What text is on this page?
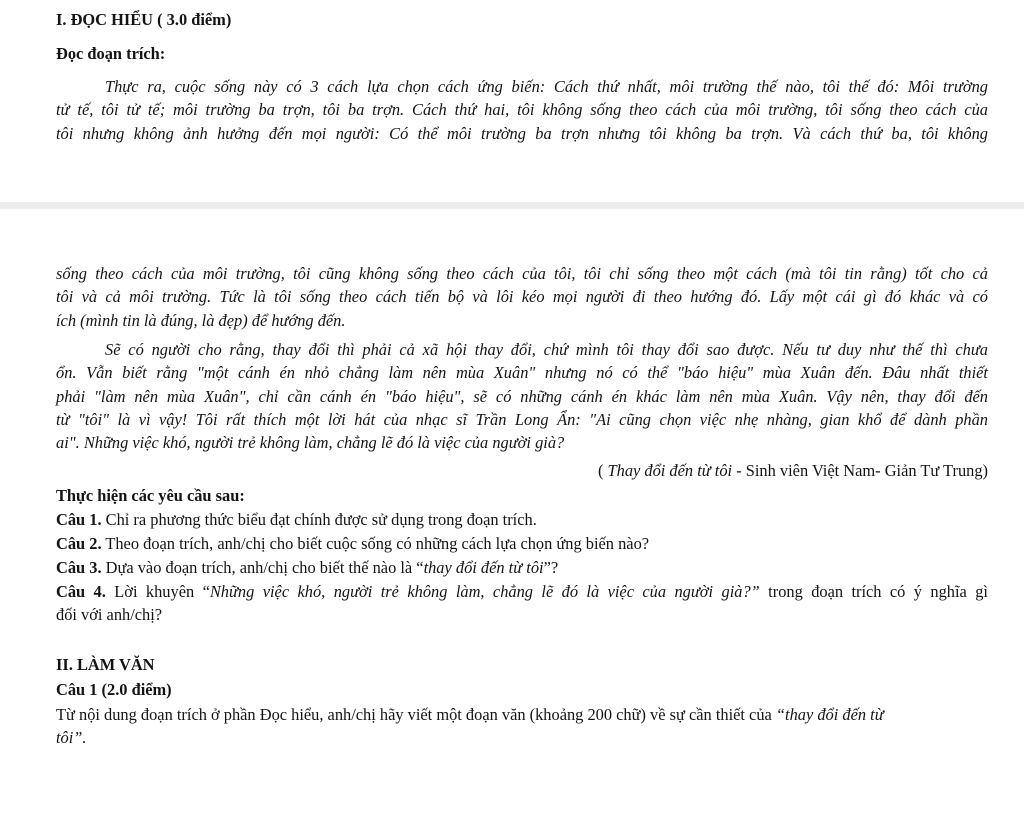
I. ĐỌC HIỂU ( 3.0 điểm)
Đọc đoạn trích:
Thực ra, cuộc sống này có 3 cách lựa chọn cách ứng biến: Cách thứ nhất, môi trường thế nào, tôi thế đó: Môi trường
tử tế, tôi tử tế; môi trường ba trợn, tôi ba trợn. Cách thứ hai, tôi không sống theo cách của môi trường, tôi sống theo cách của
tôi nhưng không ảnh hưởng đến mọi người: Có thể môi trường ba trợn nhưng tôi không ba trợn. Và cách thứ ba, tôi không
sống theo cách của môi trường, tôi cũng không sống theo cách của tôi, tôi chỉ sống theo một cách (mà tôi tin rằng) tốt cho cả
tôi và cả môi trường. Tức là tôi sống theo cách tiến bộ và lôi kéo mọi người đi theo hướng đó. Lấy một cái gì đó khác và có
ích (mình tin là đúng, là đẹp) để hướng đến.
Sẽ có người cho rằng, thay đổi thì phải cả xã hội thay đổi, chứ mình tôi thay đổi sao được. Nếu tư duy như thế thì chưa
ổn. Vẫn biết rằng "một cánh én nhỏ chẳng làm nên mùa Xuân" nhưng nó có thể "báo hiệu" mùa Xuân đến. Đâu nhất thiết
phải "làm nên mùa Xuân", chỉ cần cánh én "báo hiệu", sẽ có những cánh én khác làm nên mùa Xuân. Vậy nên, thay đổi đến
từ "tôi" là vì vậy! Tôi rất thích một lời hát của nhạc sĩ Trần Long Ẩn: "Ai cũng chọn việc nhẹ nhàng, gian khổ để dành phần
ai". Những việc khó, người trẻ không làm, chẳng lẽ đó là việc của người già?
( Thay đổi đến từ tôi - Sinh viên Việt Nam- Giản Tư Trung)
Thực hiện các yêu cầu sau:
Câu 1. Chỉ ra phương thức biểu đạt chính được sử dụng trong đoạn trích.
Câu 2. Theo đoạn trích, anh/chị cho biết cuộc sống có những cách lựa chọn ứng biến nào?
Câu 3. Dựa vào đoạn trích, anh/chị cho biết thế nào là “thay đổi đến từ tôi”?
Câu 4. Lời khuyên “Những việc khó, người trẻ không làm, chẳng lẽ đó là việc của người già?” trong đoạn trích có ý nghĩa gì
đối với anh/chị?
II. LÀM VĂN
Câu 1 (2.0 điểm)
Từ nội dung đoạn trích ở phần Đọc hiểu, anh/chị hãy viết một đoạn văn (khoảng 200 chữ) về sự cần thiết của “thay đổi đến từ
tôi”.
